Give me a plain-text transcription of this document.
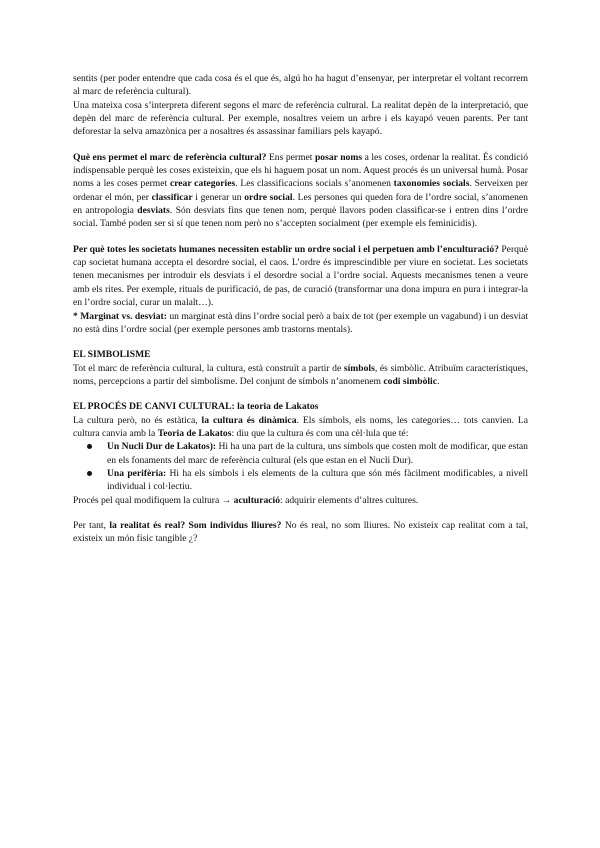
sentits (per poder entendre que cada cosa és el que és, algú ho ha hagut d’ensenyar, per interpretar el voltant recorrem al marc de referència cultural).

Una mateixa cosa s’interpreta diferent segons el marc de referència cultural. La realitat depèn de la interpretació, que depèn del marc de referència cultural. Per exemple, nosaltres veiem un arbre i els kayapó veuen parents. Per tant deforestar la selva amazònica per a nosaltres és assassinar familiars pels kayapó.

Què ens permet el marc de referència cultural? Ens permet posar noms a les coses, ordenar la realitat. És condició indispensable perquè les coses existeixin, que els hi haguem posat un nom. Aquest procés és un universal humà. Posar noms a les coses permet crear categories. Les classificacions socials s’anomenen taxonomies socials. Serveixen per ordenar el món, per classificar i generar un ordre social. Les persones qui queden fora de l’ordre social, s’anomenen en antropologia desviats. Són desviats fins que tenen nom, perquè llavors poden classificar-se i entren dins l’ordre social. També poden ser si sí que tenen nom però no s’accepten socialment (per exemple els feminicidis).

Per què totes les societats humanes necessiten establir un ordre social i el perpetuen amb l’enculturació? Perquè cap societat humana accepta el desordre social, el caos. L’ordre és imprescindible per viure en societat. Les societats tenen mecanismes per introduir els desviats i el desordre social a l’ordre social. Aquests mecanismes tenen a veure amb els rites. Per exemple, rituals de purificació, de pas, de curació (transformar una dona impura en pura i integrar-la en l’ordre social, curar un malalt…).

* Marginat vs. desviat: un marginat està dins l’ordre social però a baix de tot (per exemple un vagabund) i un desviat no està dins l’ordre social (per exemple persones amb trastorns mentals).

EL SIMBOLISME

Tot el marc de referència cultural, la cultura, està construït a partir de símbols, és simbòlic. Atribuïm característiques, noms, percepcions a partir del simbolisme. Del conjunt de símbols n’anomenem codi simbòlic.

EL PROCÉS DE CANVI CULTURAL: la teoria de Lakatos

La cultura però, no és estàtica, la cultura és dinàmica. Els símbols, els noms, les categories… tots canvien. La cultura canvia amb la Teoria de Lakatos: diu que la cultura és com una cèl·lula que té:

Un Nucli Dur de Lakatos): Hi ha una part de la cultura, uns símbols que costen molt de modificar, que estan en els fonaments del marc de referència cultural (els que estan en el Nucli Dur).
Una perifèria: Hi ha els símbols i els elements de la cultura que són més fàcilment modificables, a nivell individual i col·lectiu.

Procés pel qual modifiquem la cultura → aculturació: adquirir elements d’altres cultures.

Per tant, la realitat és real? Som individus lliures? No és real, no som lliures. No existeix cap realitat com a tal, existeix un món físic tangible ¿?
